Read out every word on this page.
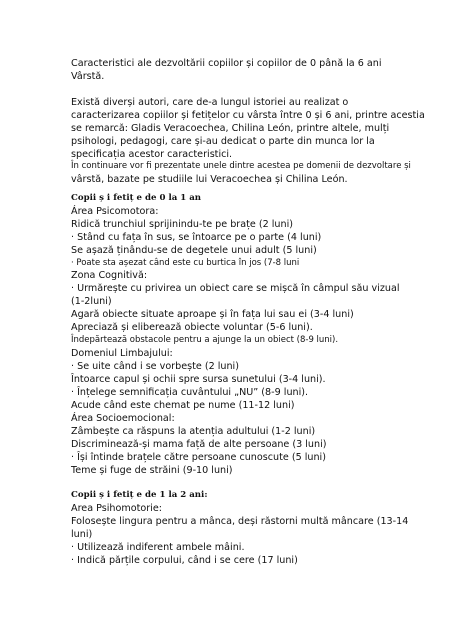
Caracteristici ale dezvoltării copiilor și copiilor de 0 până la 6 ani
Vârstă.
Există diverși autori, care de-a lungul istoriei au realizat o
caracterizarea copiilor și fetițelor cu vârsta între 0 și 6 ani, printre acestia
se remarcă: Gladis Veracoechea, Chilina León, printre altele, mulți
psihologi, pedagogi, care și-au dedicat o parte din munca lor la
specificația acestor caracteristici.
În continuare vor fi prezentate unele dintre acestea pe domenii de dezvoltare și
vârstă, bazate pe studiile lui Veracoechea și Chilina León.
Copii ș i fetiț e de 0 la 1 an
Área Psicomotora:
Ridică trunchiul sprijinindu-te pe brațe (2 luni)
· Stând cu fața în sus, se întoarce pe o parte (4 luni)
Se așază ținându-se de degetele unui adult (5 luni)
· Poate sta așezat când este cu burtica în jos (7-8 luni
Zona Cognitivă:
· Urmărește cu privirea un obiect care se mișcă în câmpul său vizual
(1-2luni)
Agară obiecte situate aproape și în fața lui sau ei (3-4 luni)
Apreciază și eliberează obiecte voluntar (5-6 luni).
Îndepărtează obstacole pentru a ajunge la un obiect (8-9 luni).
Domeniul Limbajului:
· Se uite când i se vorbește (2 luni)
Întoarce capul și ochii spre sursa sunetului (3-4 luni).
· Înțelege semnificația cuvântului „NU” (8-9 luni).
Acude când este chemat pe nume (11-12 luni)
Área Socioemocional:
Zâmbește ca răspuns la atenția adultului (1-2 luni)
Discriminează-și mama față de alte persoane (3 luni)
· Își întinde brațele către persoane cunoscute (5 luni)
Teme și fuge de străini (9-10 luni)
Copii ș i fetiț e de 1 la 2 ani:
Area Psihomotorie:
Folosește lingura pentru a mânca, deși răstorni multă mâncare (13-14
luni)
· Utilizează indiferent ambele mâini.
· Indică părțile corpului, când i se cere (17 luni)
